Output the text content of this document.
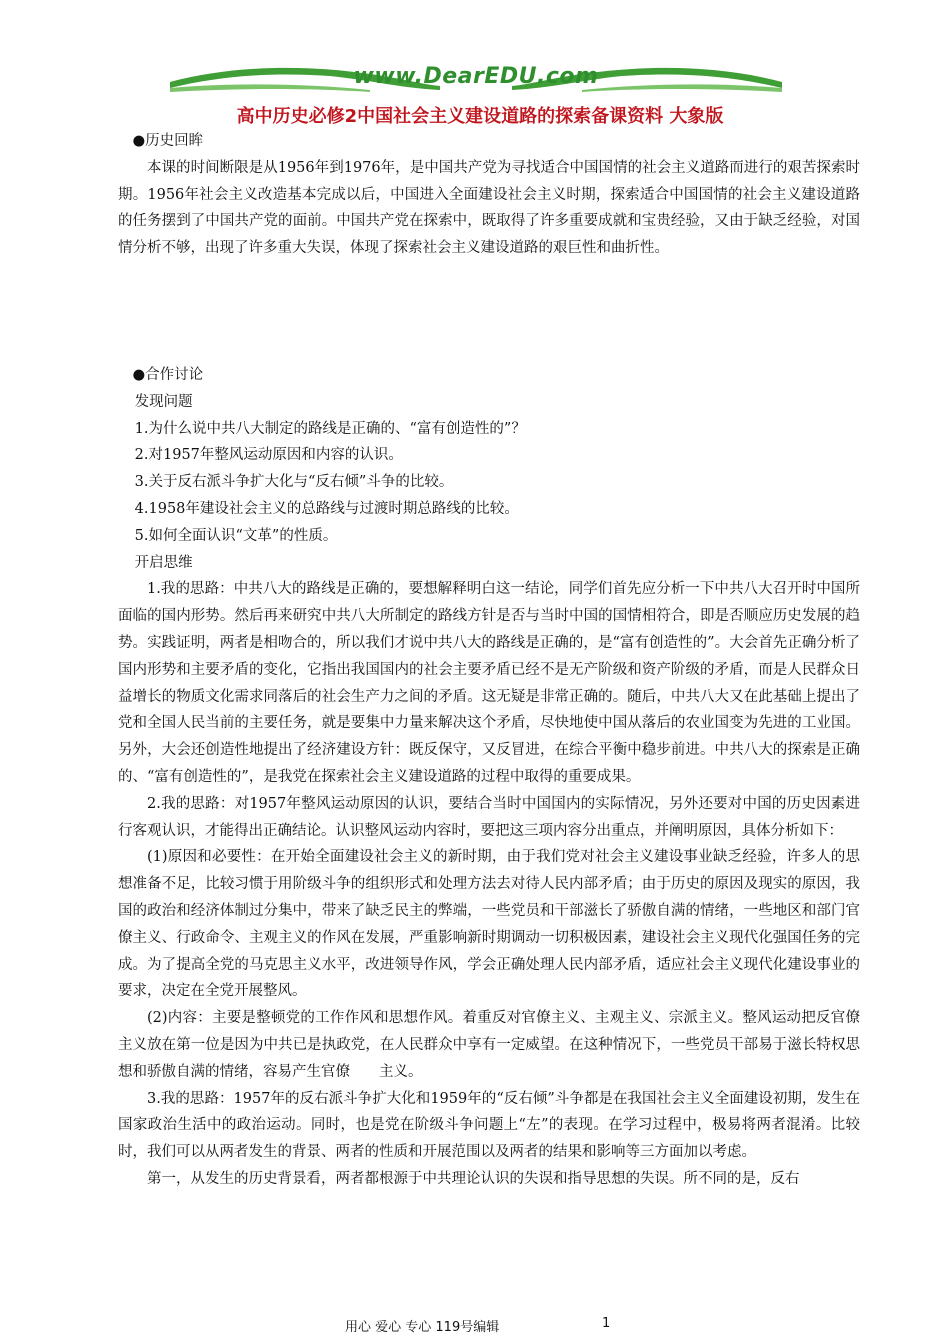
www.DearEDU.com
高中历史必修2中国社会主义建设道路的探索备课资料 大象版

●历史回眸

本课的时间断限是从1956年到1976年，是中国共产党为寻找适合中国国情的社会主义道路而进行的艰苦探索时期。1956年社会主义改造基本完成以后，中国进入全面建设社会主义时期，探索适合中国国情的社会主义建设道路的任务摆到了中国共产党的面前。中国共产党在探索中，既取得了许多重要成就和宝贵经验，又由于缺乏经验，对国情分析不够，出现了许多重大失误，体现了探索社会主义建设道路的艰巨性和曲折性。

●合作讨论

发现问题

1.为什么说中共八大制定的路线是正确的、“富有创造性的”？

2.对1957年整风运动原因和内容的认识。

3.关于反右派斗争扩大化与“反右倾”斗争的比较。

4.1958年建设社会主义的总路线与过渡时期总路线的比较。

5.如何全面认识“文革”的性质。

开启思维

1.我的思路：中共八大的路线是正确的，要想解释明白这一结论，同学们首先应分析一下中共八大召开时中国所面临的国内形势。然后再来研究中共八大所制定的路线方针是否与当时中国的国情相符合，即是否顺应历史发展的趋势。实践证明，两者是相吻合的，所以我们才说中共八大的路线是正确的，是“富有创造性的”。大会首先正确分析了国内形势和主要矛盾的变化，它指出我国国内的社会主要矛盾已经不是无产阶级和资产阶级的矛盾，而是人民群众日益增长的物质文化需求同落后的社会生产力之间的矛盾。这无疑是非常正确的。随后，中共八大又在此基础上提出了党和全国人民当前的主要任务，就是要集中力量来解决这个矛盾，尽快地使中国从落后的农业国变为先进的工业国。另外，大会还创造性地提出了经济建设方针：既反保守，又反冒进，在综合平衡中稳步前进。中共八大的探索是正确的、“富有创造性的”，是我党在探索社会主义建设道路的过程中取得的重要成果。

2.我的思路：对1957年整风运动原因的认识，要结合当时中国国内的实际情况，另外还要对中国的历史因素进行客观认识，才能得出正确结论。认识整风运动内容时，要把这三项内容分出重点，并阐明原因，具体分析如下：

(1)原因和必要性：在开始全面建设社会主义的新时期，由于我们党对社会主义建设事业缺乏经验，许多人的思想准备不足，比较习惯于用阶级斗争的组织形式和处理方法去对待人民内部矛盾；由于历史的原因及现实的原因，我国的政治和经济体制过分集中，带来了缺乏民主的弊端，一些党员和干部滋长了骄傲自满的情绪，一些地区和部门官僚主义、行政命令、主观主义的作风在发展，严重影响新时期调动一切积极因素，建设社会主义现代化强国任务的完成。为了提高全党的马克思主义水平，改进领导作风，学会正确处理人民内部矛盾，适应社会主义现代化建设事业的要求，决定在全党开展整风。

(2)内容：主要是整顿党的工作作风和思想作风。着重反对官僚主义、主观主义、宗派主义。整风运动把反官僚主义放在第一位是因为中共已是执政党，在人民群众中享有一定威望。在这种情况下，一些党员干部易于滋长特权思想和骄傲自满的情绪，容易产生官僚　　主义。

3.我的思路：1957年的反右派斗争扩大化和1959年的“反右倾”斗争都是在我国社会主义全面建设初期，发生在国家政治生活中的政治运动。同时，也是党在阶级斗争问题上“左”的表现。在学习过程中，极易将两者混淆。比较时，我们可以从两者发生的背景、两者的性质和开展范围以及两者的结果和影响等三方面加以考虑。

第一，从发生的历史背景看，两者都根源于中共理论认识的失误和指导思想的失误。所不同的是，反右

用心 爱心 专心 119号编辑	1
